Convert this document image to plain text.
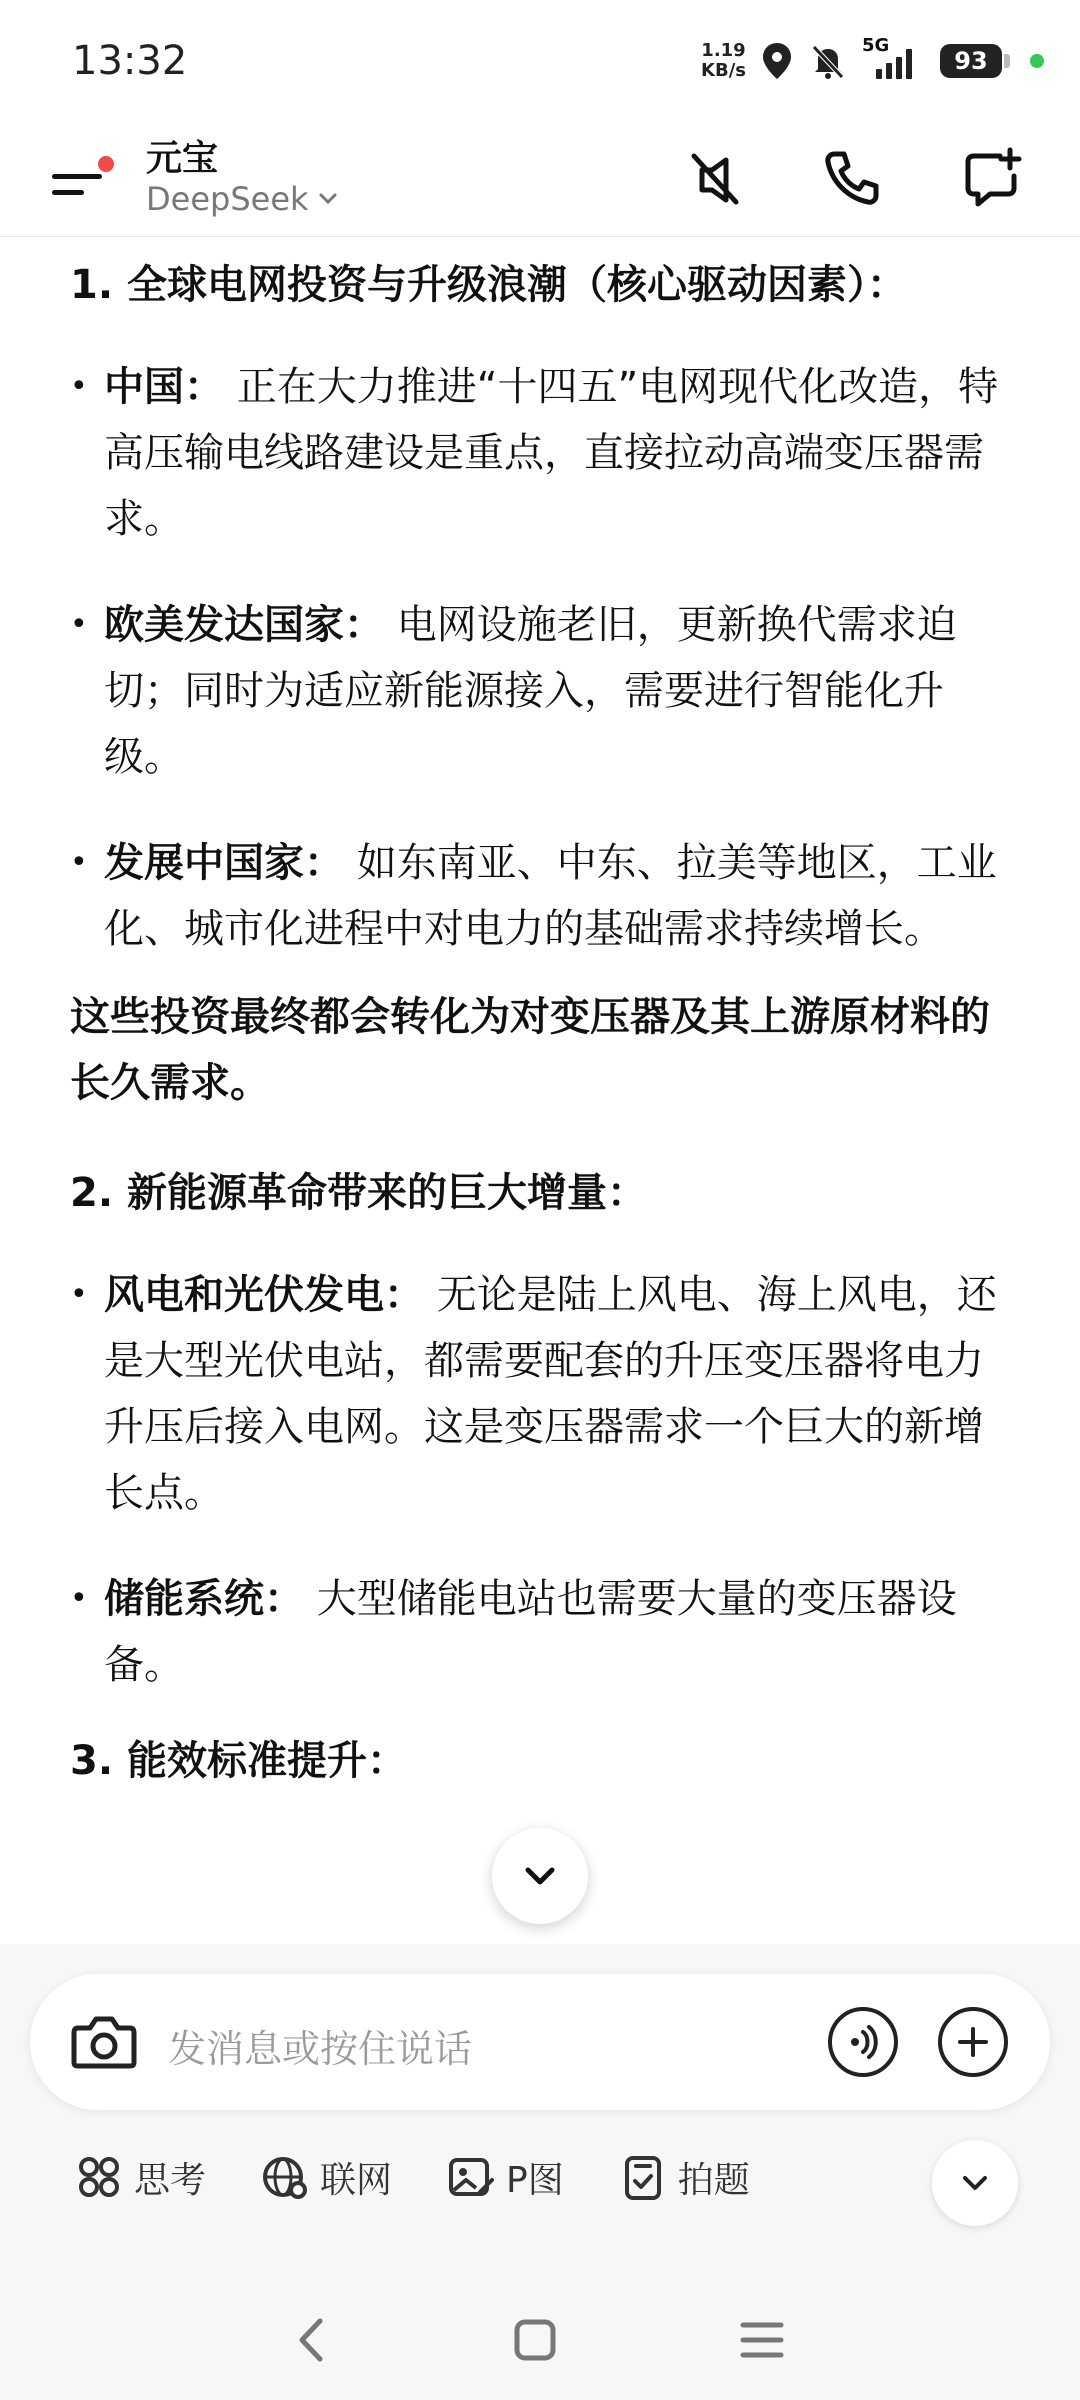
13:32	1.19
KB/s
5G
93
元宝
DeepSeek

1. 全球电网投资与升级浪潮（核心驱动因素）：

• 中国： 正在大力推进“十四五”电网现代化改造，特高压输电线路建设是重点，直接拉动高端变压器需求。
• 欧美发达国家： 电网设施老旧，更新换代需求迫切；同时为适应新能源接入，需要进行智能化升级。
• 发展中国家： 如东南亚、中东、拉美等地区，工业化、城市化进程中对电力的基础需求持续增长。
这些投资最终都会转化为对变压器及其上游原材料的长久需求。

2. 新能源革命带来的巨大增量：

• 风电和光伏发电： 无论是陆上风电、海上风电，还是大型光伏电站，都需要配套的升压变压器将电力升压后接入电网。这是变压器需求一个巨大的新增长点。
• 储能系统： 大型储能电站也需要大量的变压器设备。

3. 能效标准提升：

发消息或按住说话
思考	联网	P图	拍题
